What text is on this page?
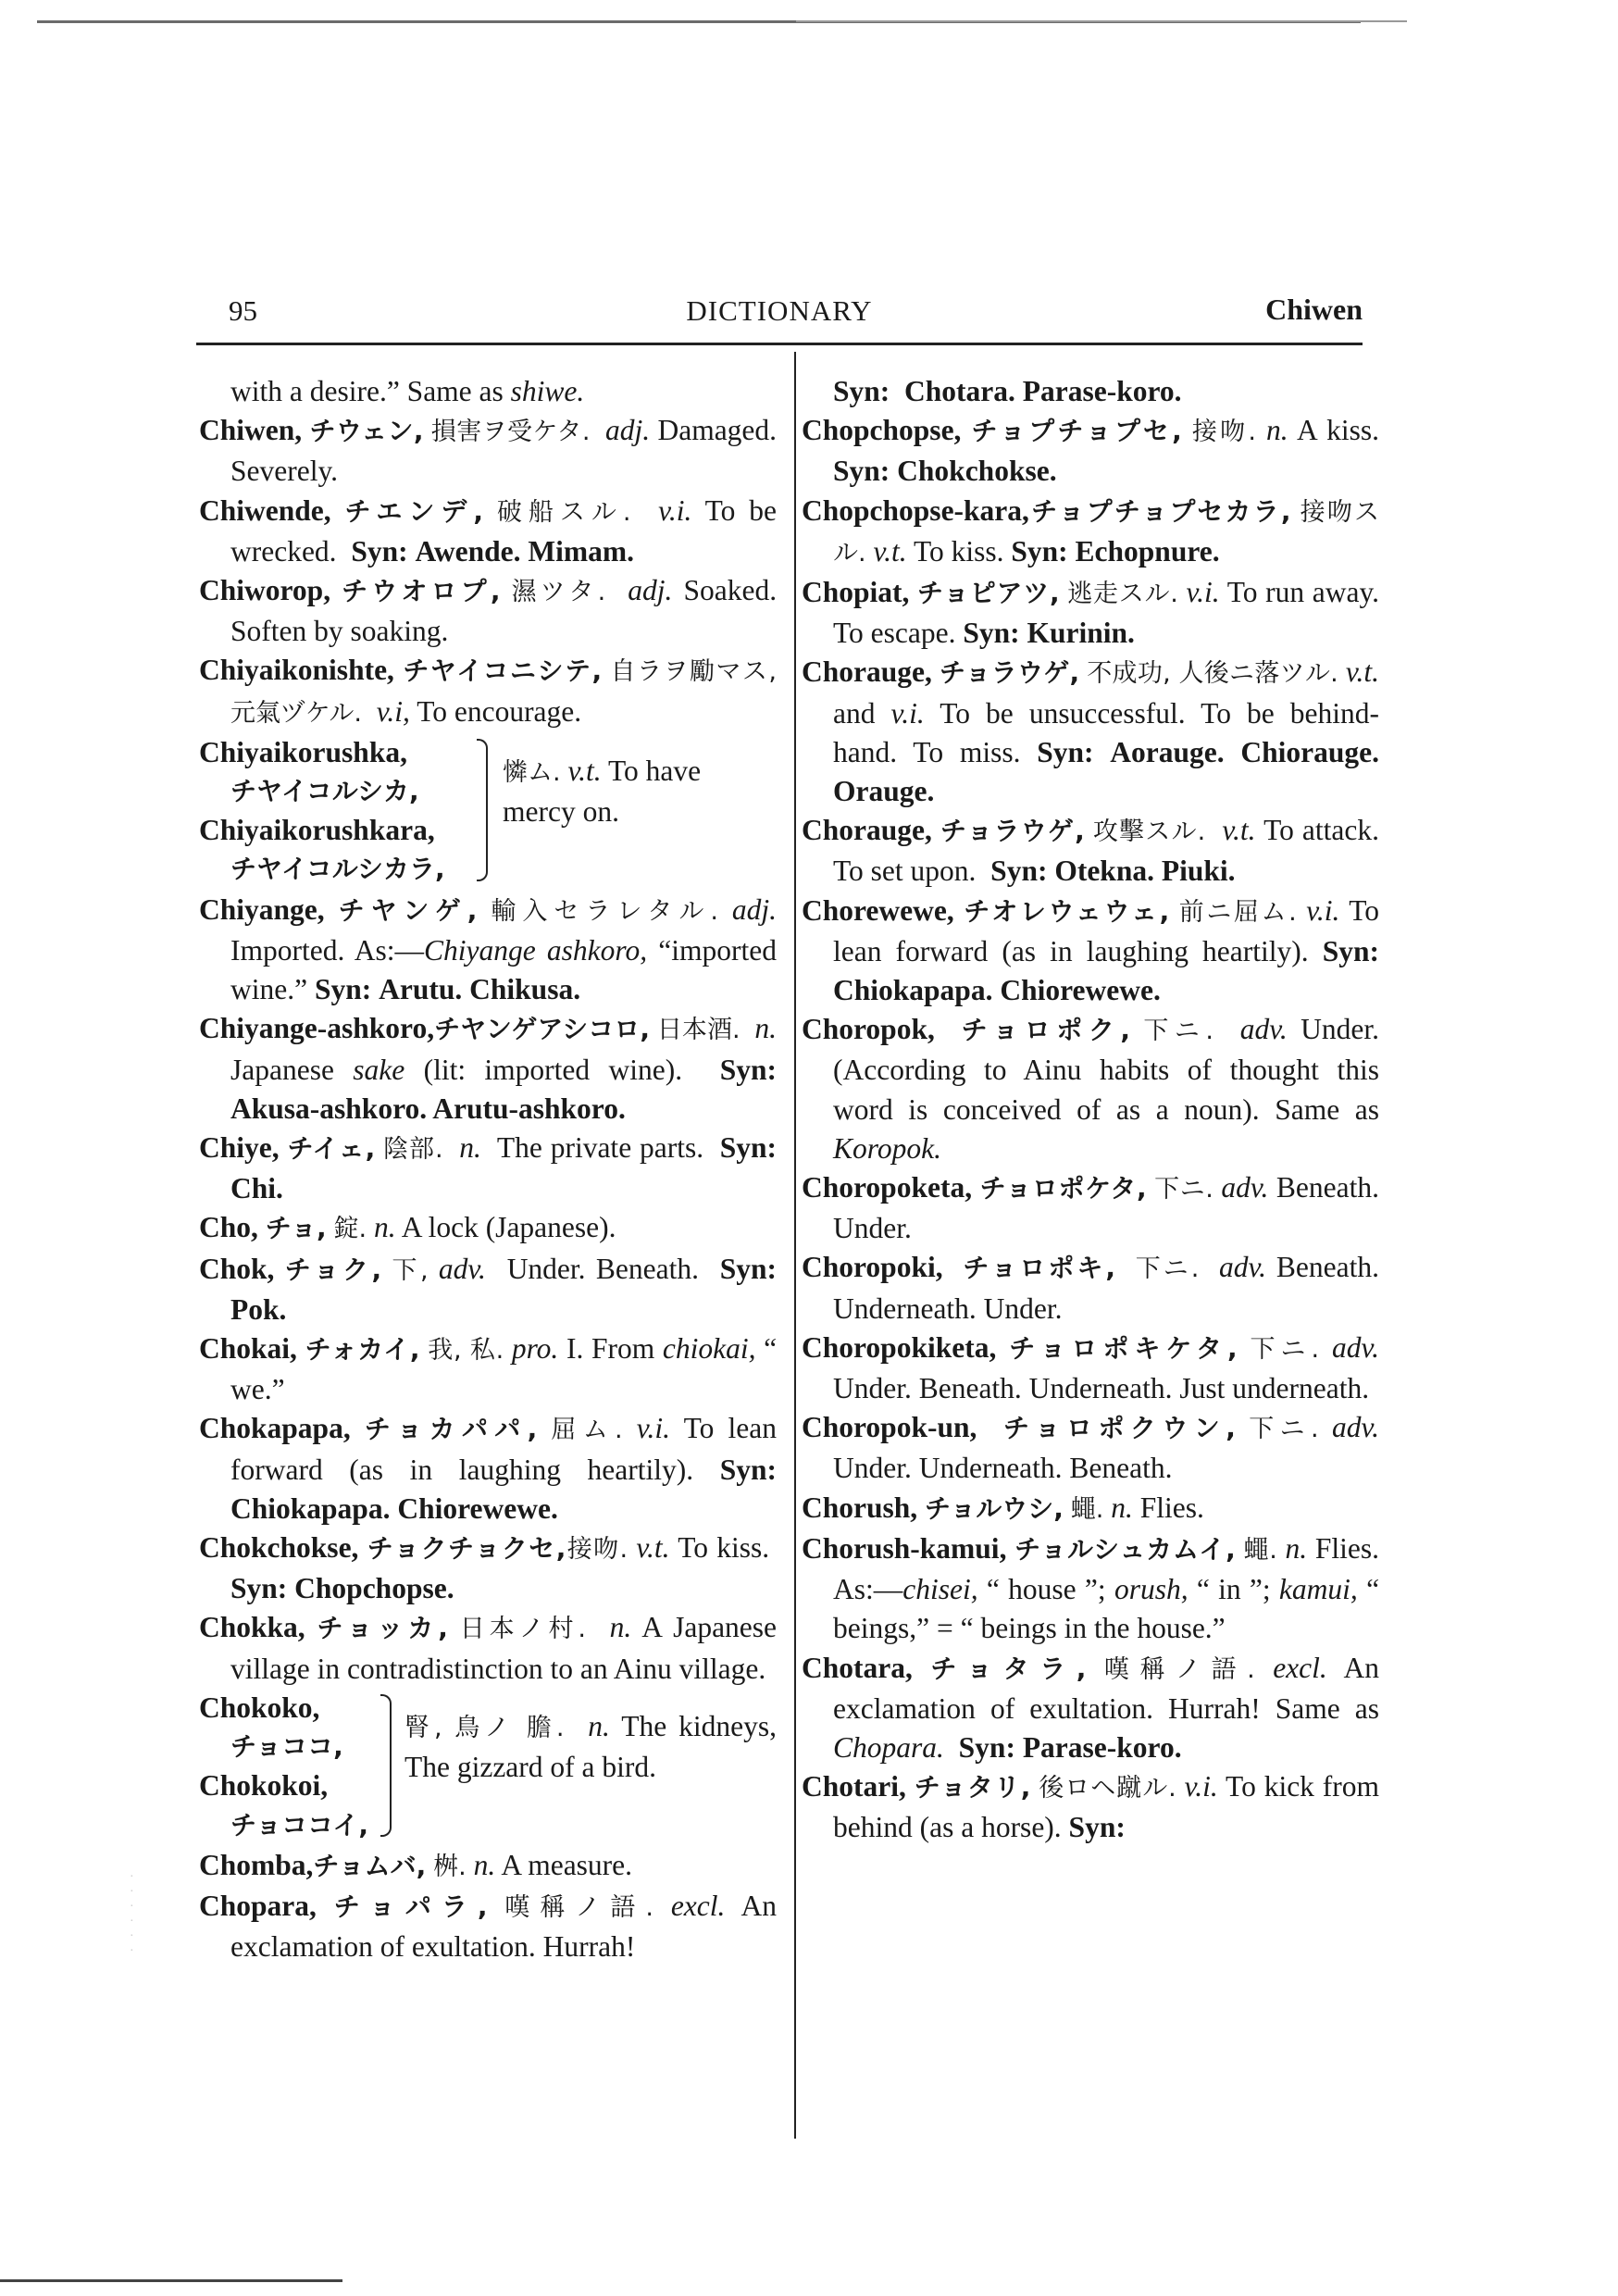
95	DICTIONARY	Chiwen
with a desire.” Same as shiwe.
Chiwen, チウェン, 損害ヲ受ケタ. adj. Damaged. Severely.
Chiwende, チエンデ, 破船スル. v.i. To be wrecked. Syn: Awende. Mimam.
Chiworop, チウオロプ, 濕ツタ. adj. Soaked. Soften by soaking.
Chiyaikonishte, チヤイコニシテ, 自ラヲ勵マス, 元氣ヅケル. v.i, To encourage.
Chiyaikorushka,
チヤイコルシカ,
Chiyaikorushkara,
チヤイコルシカラ,
憐ム. v.t. To have mercy on.
Chiyange, チヤンゲ, 輸入セラレタル. adj. Imported. As:—Chiyange ashkoro, “imported wine.” Syn: Arutu. Chikusa.
Chiyange-ashkoro,チヤンゲアシコロ, 日本酒. n. Japanese sake (lit: imported wine). Syn: Akusa-ashkoro. Arutu-ashkoro.
Chiye, チイェ, 陰部. n. The private parts. Syn: Chi.
Cho, チョ, 錠. n. A lock (Japanese).
Chok, チョク, 下, adv. Under. Beneath. Syn: Pok.
Chokai, チォカイ, 我, 私. pro. I. From chiokai, “ we.”
Chokapapa, チョカパパ, 屈ム. v.i. To lean forward (as in laughing heartily). Syn: Chiokapapa. Chiorewewe.
Chokchokse, チョクチョクセ,接吻. v.t. To kiss.  Syn: Chopchopse.
Chokka, チョッカ, 日本ノ村. n. A Japanese village in contradistinction to an Ainu village.
Chokoko,
チョココ,
Chokokoi,
チョココイ,
腎, 鳥ノ 膽. n. The kidneys, The gizzard of a bird.
Chomba,チョムバ, 桝. n. A measure.
Chopara, チョパラ, 嘆稱ノ語. excl. An exclamation of exultation. Hurrah!
Syn: Chotara. Parase-koro.
Chopchopse, チョプチョプセ, 接吻. n. A kiss. Syn: Chokchokse.
Chopchopse-kara,チョプチョプセカラ, 接吻スル. v.t. To kiss. Syn: Echopnure.
Chopiat, チョピアツ, 逃走スル. v.i. To run away. To escape. Syn: Kurinin.
Chorauge, チョラウゲ, 不成功, 人後ニ落ツル. v.t. and v.i. To be unsuccessful. To be behind-hand. To miss. Syn: Aorauge. Chiorauge. Orauge.
Chorauge, チョラウゲ, 攻擊スル. v.t. To attack. To set upon. Syn: Otekna. Piuki.
Chorewewe, チオレウェウェ, 前ニ屈ム. v.i. To lean forward (as in laughing heartily). Syn: Chiokapapa. Chiorewewe.
Choropok, チョロポク, 下ニ. adv. Under. (According to Ainu habits of thought this word is conceived of as a noun). Same as Koropok.
Choropoketa, チョロポケタ, 下ニ. adv. Beneath. Under.
Choropoki, チョロポキ, 下ニ. adv. Beneath. Underneath. Under.
Choropokiketa, チョロポキケタ, 下ニ. adv. Under. Beneath. Underneath. Just underneath.
Choropok-un, チョロポクウン, 下ニ. adv. Under. Underneath. Beneath.
Chorush, チョルウシ, 蠅. n. Flies.
Chorush-kamui, チョルシュカムイ, 蠅. n. Flies. As:—chisei, “ house ”; orush, “ in ”; kamui, “ beings,” = “ beings in the house.”
Chotara, チョタラ, 嘆稱ノ語. excl. An exclamation of exultation. Hurrah! Same as Chopara. Syn: Parase-koro.
Chotari, チョタリ, 後ロヘ蹴ル. v.i. To kick from behind (as a horse). Syn:
·
·
·
·
·
·
